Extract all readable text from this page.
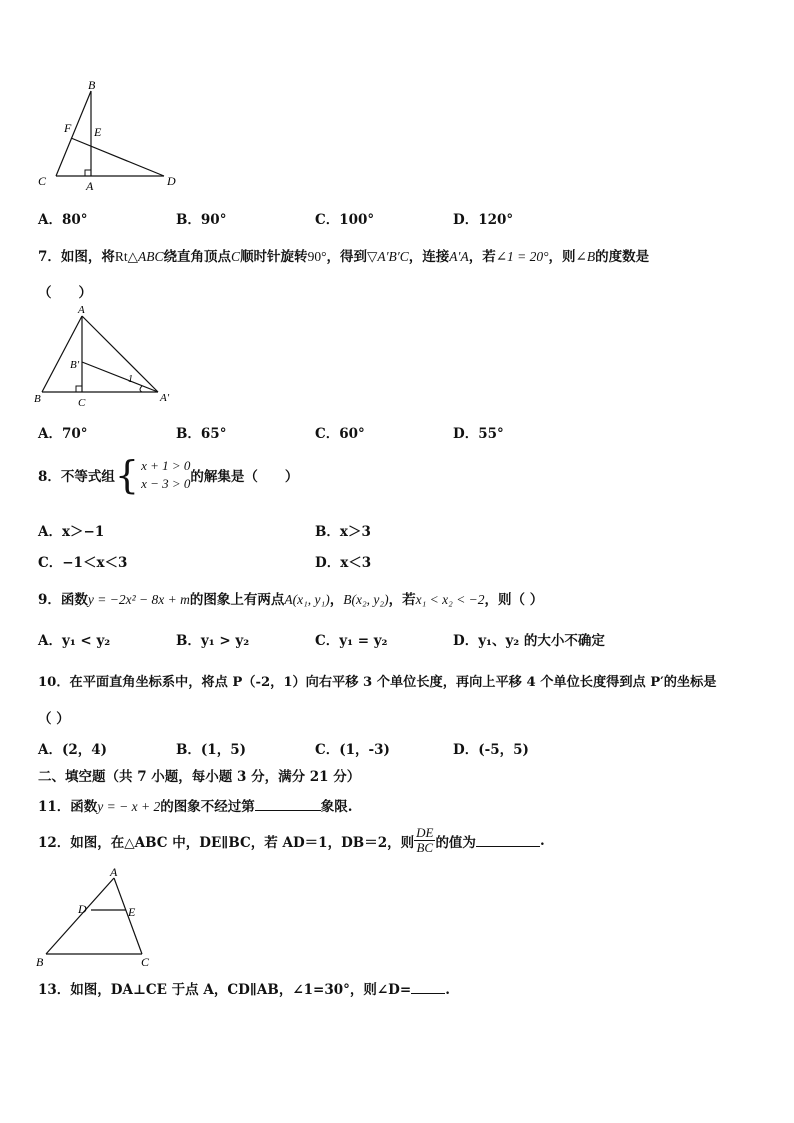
B
F E
C	A	D
A．80°	B．90°	C．100°	D．120°
7．如图，将Rt△ABC绕直角顶点C顺时针旋转90°，得到▽A′B′C，连接A′A，若∠1 = 20°，则∠B的度数是
（　　）
A
B′
1
B	C	A′
A．70°	B．65°	C．60°	D．55°
8．不等式组 { x + 1 > 0
x − 3 > 0 的解集是（　　）
A．x＞−1	B．x＞3
C．−1＜x＜3	D．x＜3
9．函数y = −2x² − 8x + m的图象上有两点A(x₁, y₁)，B(x₂, y₂)，若x₁ < x₂ < −2，则（ ）
A．y₁ < y₂	B．y₁ > y₂	C．y₁ = y₂	D．y₁、y₂ 的大小不确定
10．在平面直角坐标系中，将点 P（-2，1）向右平移 3 个单位长度，再向上平移 4 个单位长度得到点 P′的坐标是
（ ）
A．(2，4)	B．(1，5)	C．(1，-3)	D．(-5，5)
二、填空题（共 7 小题，每小题 3 分，满分 21 分）
11．函数y = − x + 2的图象不经过第	象限.
12．如图，在△ABC 中，DE∥BC，若 AD＝1，DB＝2，则 $\frac{DE}{BC}$ 的值为	.
A
D	E
B	C
13．如图，DA⊥CE 于点 A，CD∥AB，∠1=30°，则∠D=	.
